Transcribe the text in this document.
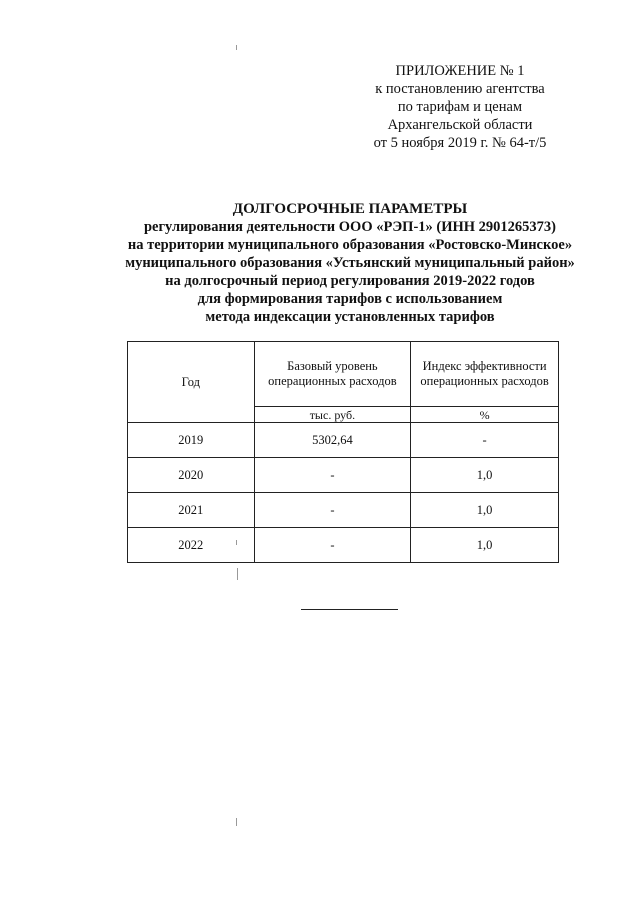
ПРИЛОЖЕНИЕ № 1
к постановлению агентства
по тарифам и ценам
Архангельской области
от 5 ноября 2019 г. № 64-т/5
ДОЛГОСРОЧНЫЕ ПАРАМЕТРЫ
регулирования деятельности ООО «РЭП-1» (ИНН 2901265373)
на территории муниципального образования «Ростовско-Минское»
муниципального образования «Устьянский муниципальный район»
на долгосрочный период регулирования 2019-2022 годов
для формирования тарифов с использованием
метода индексации установленных тарифов
Год	Базовый уровень операционных расходов	Индекс эффективности операционных расходов
	тыс. руб.	%
2019	5302,64	-
2020	-	1,0
2021	-	1,0
2022	-	1,0
